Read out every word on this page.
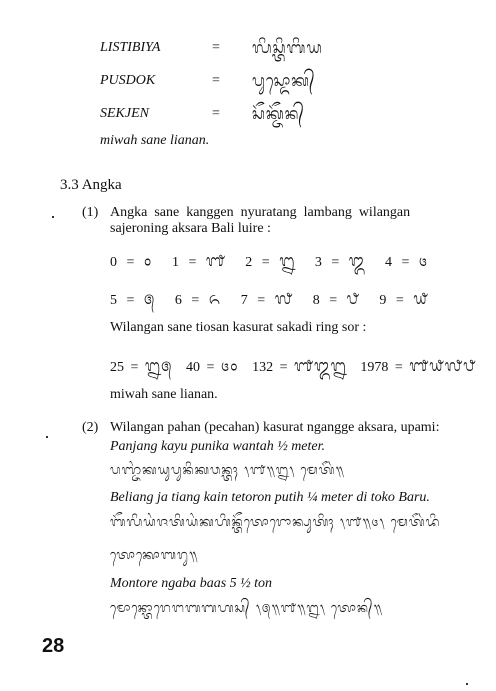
LISTIBIYA	= ᬮᬶᬲ᭄ᬢᬶᬩᬶᬬ
PUSDOK	= ᬧᬸᬲ᭄ᬤᭀᬓ᭄
SEKJEN	= ᬲᭂᬓ᭄ᬚᭂᬦ᭄
miwah sane lianan.
3.3 Angka
(1) Angka  sane  kanggen  nyuratang  lambang  wilangan
sajeroning aksara Bali luire :
0 = ᭐ 1 = ᭑ 2 = ᭒ 3 = ᭓ 4 = ᭔
5 = ᭕ 6 = ᭖ 7 = ᭗ 8 = ᭘ 9 = ᭙
Wilangan sane tiosan kasurat sakadi ring sor :
25 = ᭒᭕ 40 = ᭔᭐ 132 = ᭑᭓᭒ 1978 = ᭑᭙᭗᭘
miwah sane lianan.
(2) Wilangan pahan (pecahan) kasurat ngangge aksara, upami:
Panjang kayu punika wantah ½ meter.
ᬧᬜ᭄ᬚᬂᬓᬬᬸᬧᬸᬦᬶᬓᬯᬦ᭄ᬢᬄ ᭞᭑᭟᭒᭞ ᬫᬾᬢᭂᬃ᭟
Beliang ja tiang kain tetoron putih ¼ meter di toko Baru.
ᬩᭂᬮᬶᬬᬂᬚᬢᬶᬬᬂᬓᬳᬶᬦ᭄ᬢᭂᬢᭀᬭᭀᬦ᭄ᬧᬸᬢᬶᬄ ᭞᭑᭟᭔᭞ ᬫᬾᬢᭂᬃᬤᬶ
ᬢᭀᬓᭀᬩᬭᬸ᭟
Montore ngaba baas 5 ½ ton
ᬫᭀᬦ᭄ᬢᭀᬭᬾᬗᬩᬩᬳᬲ᭄ ᭞᭕᭟᭑᭟᭒᭞ ᬢᭀᬦ᭄᭟
28
